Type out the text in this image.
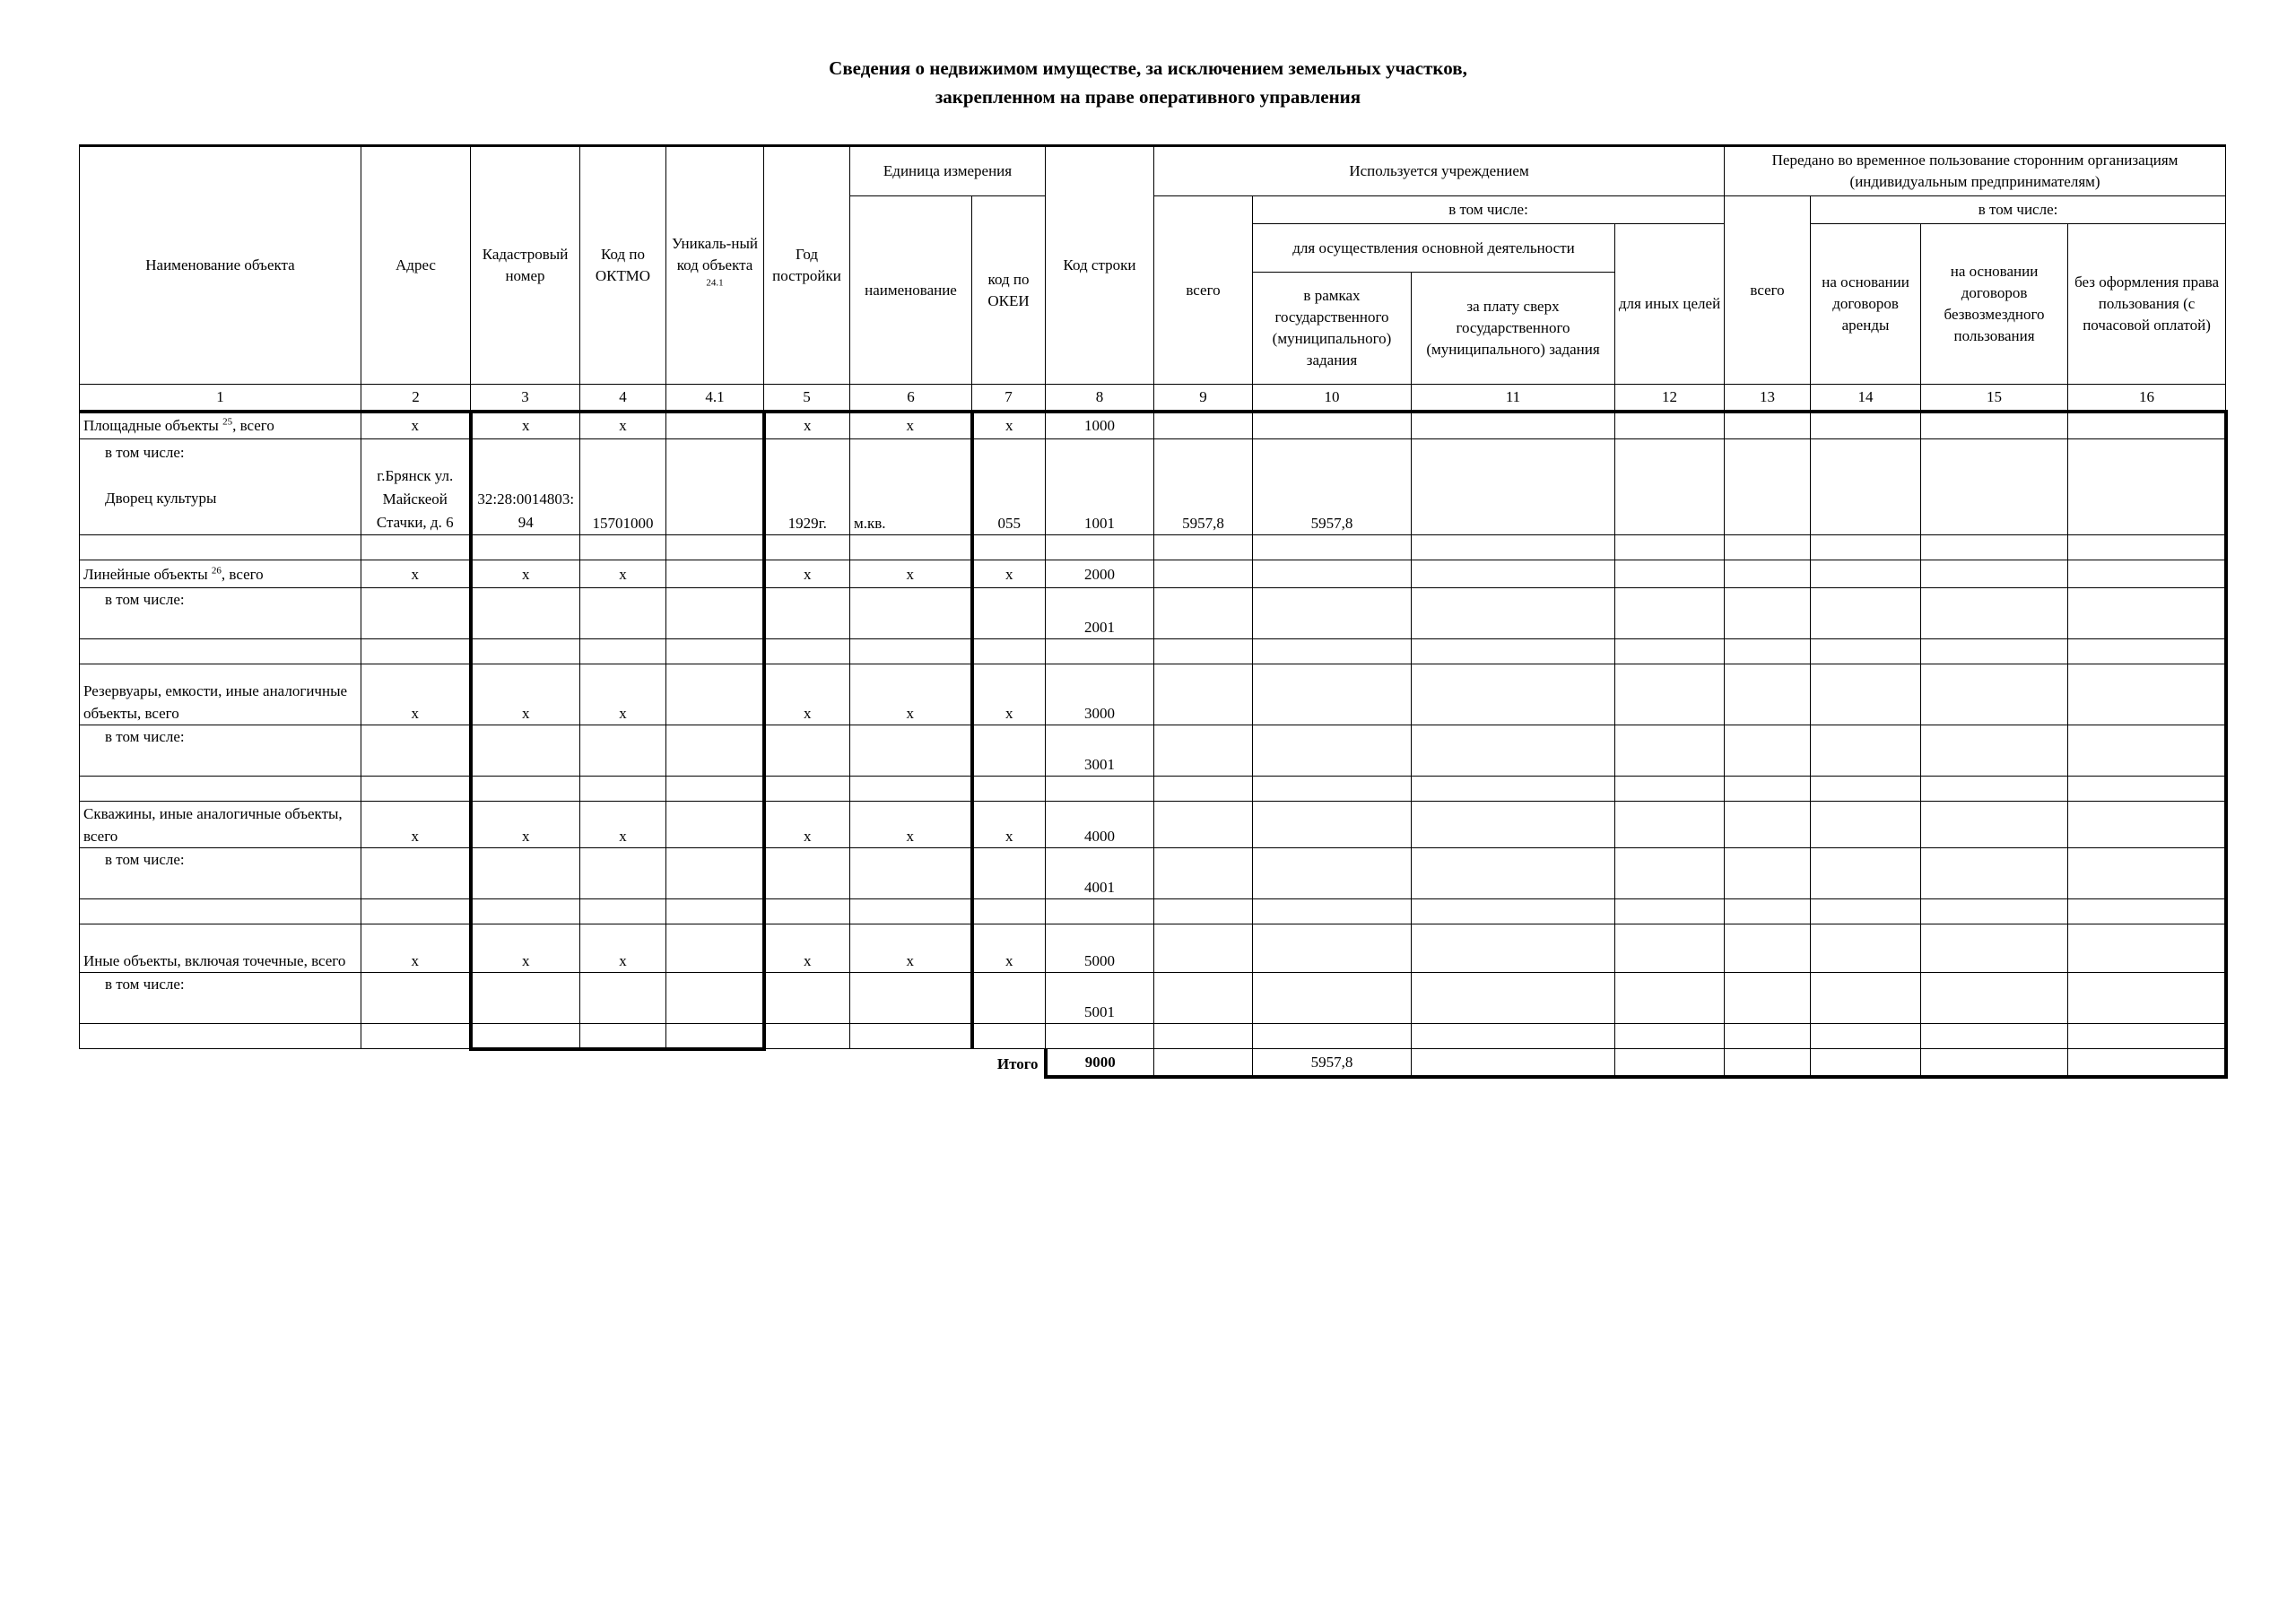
Сведения о недвижимом имуществе, за исключением земельных участков,
закрепленном на праве оперативного управления
Наименование объекта	Адрес	Кадастровый номер	Код по ОКТМО	Уникаль-ный код объекта $^{24.1}$	Год постройки	Единица измерения		Код строки	Используется учреждением				Передано во временное пользование сторонним организациям (индивидуальным предпринимателям)			
						наименование	код по ОКЕИ		всего	в том числе:			всего	в том числе:		
										для осуществления основной деятельности		для иных целей		на основании договоров аренды	на основании договоров безвозмездного пользования	без оформления права пользования (с почасовой оплатой)
										в рамках государственного (муниципального) задания	за плату сверх государственного (муниципального) задания					

1	2	3	4	4.1	5	6	7	8	9	10	11	12	13	14	15	16
Площадные объекты $^{25}$, всего	x	x	x		x	x	x	1000								

в том числе:
Дворец культуры	г.Брянск ул. Майскеой Стачки, д. 6	32:28:0014803:94	15701000		1929г.	м.кв.	055	1001	5957,8	5957,8						

Линейные объекты $^{26}$, всего	x	x	x		x	x	x	2000								

в том числе:								2001								

Резервуары, емкости, иные аналогичные объекты, всего	x	x	x		x	x	x	3000								

в том числе:								3001								

Скважины, иные аналогичные объекты, всего	x	x	x		x	x	x	4000								

в том числе:								4001								

Иные объекты, включая точечные, всего	x	x	x		x	x	x	5000								

в том числе:								5001								

Итого								9000		5957,8						
